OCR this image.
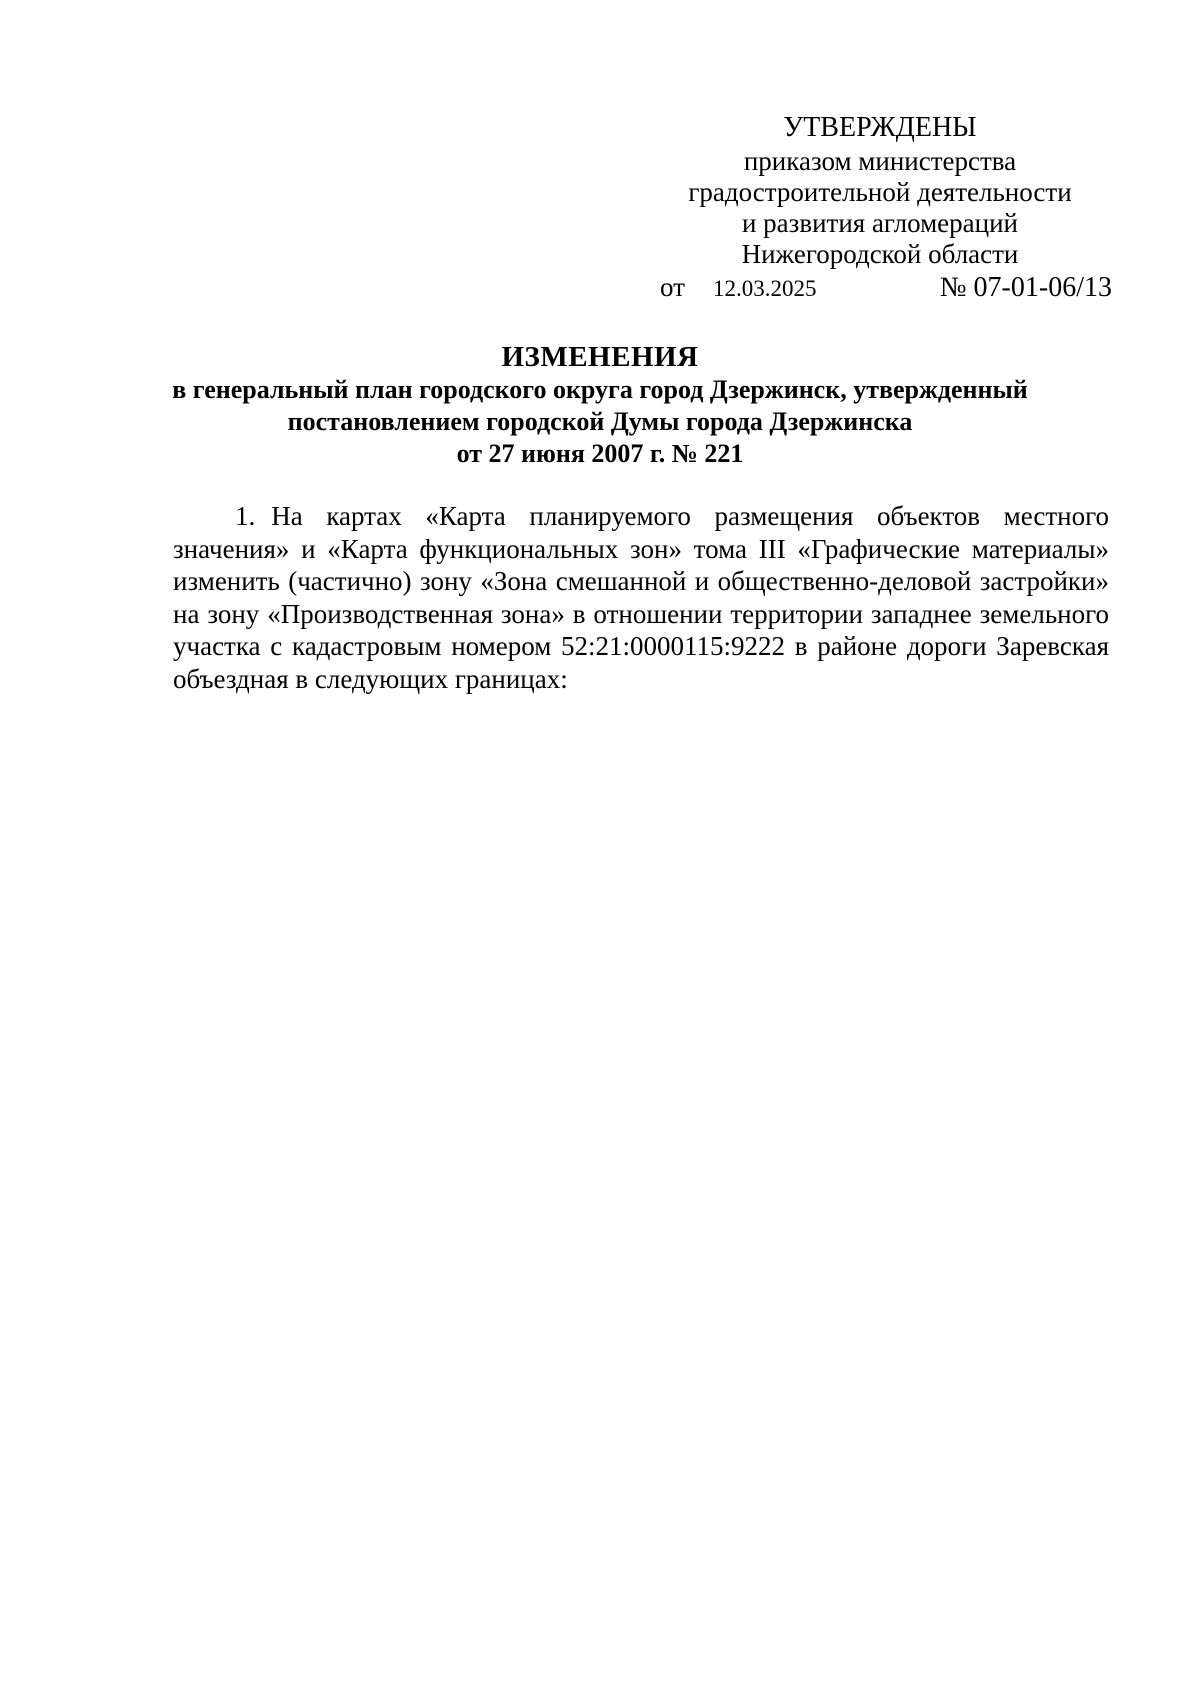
УТВЕРЖДЕНЫ
приказом министерства
градостроительной деятельности
и развития агломераций
Нижегородской области
от 12.03.2025	№ 07-01-06/13
ИЗМЕНЕНИЯ
в генеральный план городского округа город Дзержинск, утвержденный
постановлением городской Думы города Дзержинска
от 27 июня 2007 г. № 221

1. На картах «Карта планируемого размещения объектов местного значения» и «Карта функциональных зон» тома III «Графические материалы» изменить (частично) зону «Зона смешанной и общественно-деловой застройки» на зону «Производственная зона» в отношении территории западнее земельного участка с кадастровым номером 52:21:0000115:9222 в районе дороги Заревская объездная в следующих границах:
